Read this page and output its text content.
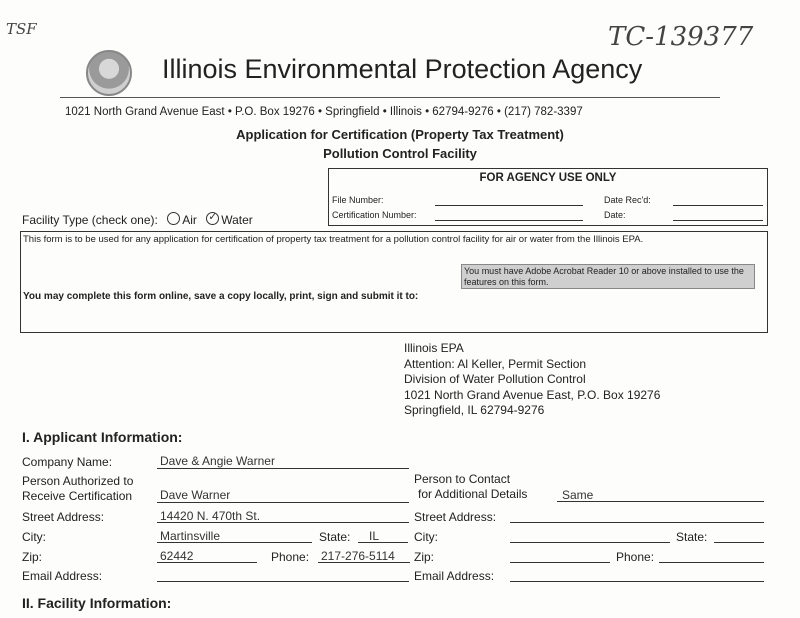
TSF	TC-139377
Illinois Environmental Protection Agency
1021 North Grand Avenue East • P.O. Box 19276 • Springfield • Illinois • 62794-9276 • (217) 782-3397
Application for Certification (Property Tax Treatment)
Pollution Control Facility
FOR AGENCY USE ONLY
File Number:
Certification Number:
Date Rec'd:
Date:
Facility Type (check one): Air ✓ Water
This form is to be used for any application for certification of property tax treatment for a pollution control facility for air or water from the Illinois EPA.
You must have Adobe Acrobat Reader 10 or above installed to use the features on this form.
You may complete this form online, save a copy locally, print, sign and submit it to:
Illinois EPA
Attention: Al Keller, Permit Section
Division of Water Pollution Control
1021 North Grand Avenue East, P.O. Box 19276
Springfield, IL 62794-9276
I. Applicant Information:
Company Name:	Dave & Angie Warner
Person Authorized to
Receive Certification Dave Warner
Street Address:	14420 N. 470th St.
City:	Martinsville	State: IL
Zip:	62442	Phone: 217-276-5114
Email Address:
Person to Contact
for Additional Details	Same
Street Address:
City:	State:
Zip:	Phone:
Email Address:
II. Facility Information:
